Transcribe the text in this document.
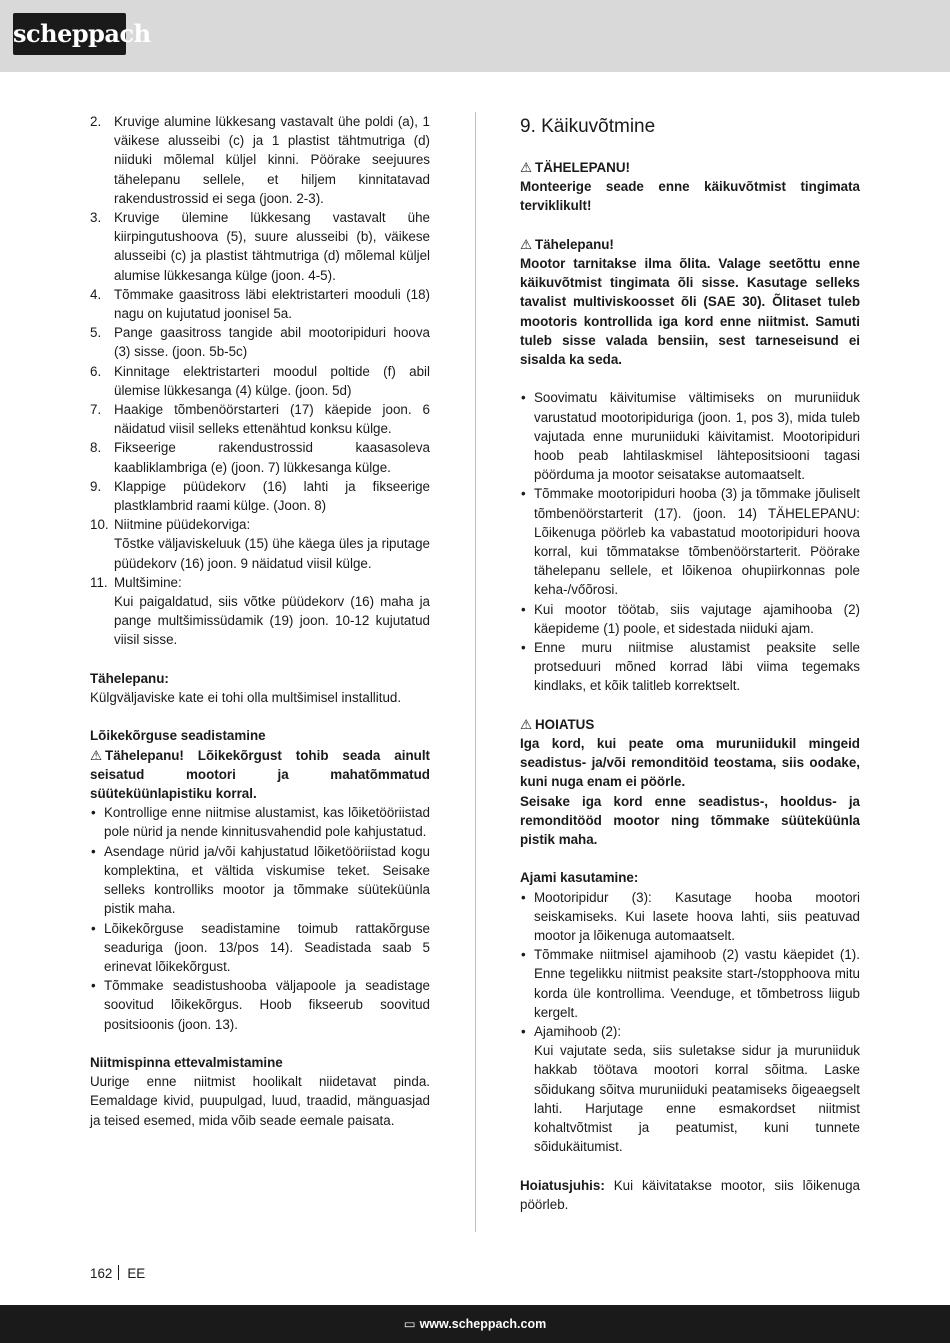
scheppach
2. Kruvige alumine lükkesang vastavalt ühe poldi (a), 1 väikese alusseibi (c) ja 1 plastist tähtmutriga (d) niiduki mõlemal küljel kinni. Pöörake seejuures tähelepanu sellele, et hiljem kinnitatavad rakendustrossid ei sega (joon. 2-3).
3. Kruvige ülemine lükkesang vastavalt ühe kiirpingutushoova (5), suure alusseibi (b), väikese alusseibi (c) ja plastist tähtmutriga (d) mõlemal küljel alumise lükkesanga külge (joon. 4-5).
4. Tõmmake gaasitross läbi elektristarteri mooduli (18) nagu on kujutatud joonisel 5a.
5. Pange gaasitross tangide abil mootoripiduri hoova (3) sisse. (joon. 5b-5c)
6. Kinnitage elektristarteri moodul poltide (f) abil ülemise lükkesanga (4) külge. (joon. 5d)
7. Haakige tõmbenöörstarteri (17) käepide joon. 6 näidatud viisil selleks ettenähtud konksu külge.
8. Fikseerige rakendustrossid kaasasoleva kaabliklambriga (e) (joon. 7) lükkesanga külge.
9. Klappige püüdekorv (16) lahti ja fikseerige plastklambrid raami külge. (Joon. 8)
10. Niitmine püüdekorviga:
Tõstke väljaviskeluuk (15) ühe käega üles ja riputage püüdekorv (16) joon. 9 näidatud viisil külge.
11. Multšimine:
Kui paigaldatud, siis võtke püüdekorv (16) maha ja pange multšimissüdamik (19) joon. 10-12 kujutatud viisil sisse.
Tähelepanu:
Külgväljaviske kate ei tohi olla multšimisel installitud.
Lõikekõrguse seadistamine
⚠ Tähelepanu! Lõikekõrgust tohib seada ainult seisatud mootori ja mahatõmmatud süüteküünlapistiku korral.
• Kontrollige enne niitmise alustamist, kas lõiketööriistad pole nürid ja nende kinnitusvahendid pole kahjustatud.
• Asendage nürid ja/või kahjustatud lõiketööriistad kogu komplektina, et vältida viskumise teket. Seisake selleks kontrolliks mootor ja tõmmake süüteküünla pistik maha.
• Lõikekõrguse seadistamine toimub rattakõrguse seaduriga (joon. 13/pos 14). Seadistada saab 5 erinevat lõikekõrgust.
• Tõmmake seadistushooba väljapoole ja seadistage soovitud lõikekõrgus. Hoob fikseerub soovitud positsioonis (joon. 13).
Niitmispinna ettevalmistamine
Uurige enne niitmist hoolikalt niidetavat pinda. Eemaldage kivid, puupulgad, luud, traadid, mänguasjad ja teised esemed, mida võib seade eemale paisata.
9. Käikuvõtmine
⚠ TÄHELEPANU!
Monteerige seade enne käikuvõtmist tingimata terviklikult!
⚠ Tähelepanu!
Mootor tarnitakse ilma õlita. Valage seetõttu enne käikuvõtmist tingimata õli sisse. Kasutage selleks tavalist multiviskoosset õli (SAE 30). Õlitaset tuleb mootoris kontrollida iga kord enne niitmist. Samuti tuleb sisse valada bensiin, sest tarneseisund ei sisalda ka seda.
• Soovimatu käivitumise vältimiseks on muruniiduk varustatud mootoripiduriga (joon. 1, pos 3), mida tuleb vajutada enne muruniiduki käivitamist. Mootoripiduri hoob peab lahtilaskmisel lähtepositsiooni tagasi pöörduma ja mootor seisatakse automaatselt.
• Tõmmake mootoripiduri hooba (3) ja tõmmake jõuliselt tõmbenöörstarterit (17). (joon. 14) TÄHELEPANU: Lõikenuga pöörleb ka vabastatud mootoripiduri hoova korral, kui tõmmatakse tõmbenöörstarterit. Pöörake tähelepanu sellele, et lõikenoa ohupiirkonnas pole keha-/vőõrosi.
• Kui mootor töötab, siis vajutage ajamihooba (2) käepideme (1) poole, et sidestada niiduki ajam.
• Enne muru niitmise alustamist peaksite selle protseduuri mõned korrad läbi viima tegemaks kindlaks, et kõik talitleb korrektselt.
⚠ HOIATUS
Iga kord, kui peate oma muruniidukil mingeid seadistus- ja/või remonditöid teostama, siis oodake, kuni nuga enam ei pöörle.
Seisake iga kord enne seadistus-, hooldus- ja remonditööd mootor ning tõmmake süüteküünla pistik maha.
Ajami kasutamine:
• Mootoripidur (3): Kasutage hooba mootori seiskamiseks. Kui lasete hoova lahti, siis peatuvad mootor ja lõikenuga automaatselt.
• Tõmmake niitmisel ajamihoob (2) vastu käepidet (1). Enne tegelikku niitmist peaksite start-/stopphoova mitu korda üle kontrollima. Veenduge, et tõmbetross liigub kergelt.
• Ajamihoob (2):
Kui vajutate seda, siis suletakse sidur ja muruniiduk hakkab töötava mootori korral sõitma. Laske sõidukang sõitva muruniiduki peatamiseks õigeaegselt lahti. Harjutage enne esmakordset niitmist kohaltvõtmist ja peatumist, kuni tunnete sõidukäitumist.
Hoiatusjuhis: Kui käivitatakse mootor, siis lõikenuga pöörleb.
162 EE
▭ www.scheppach.com
